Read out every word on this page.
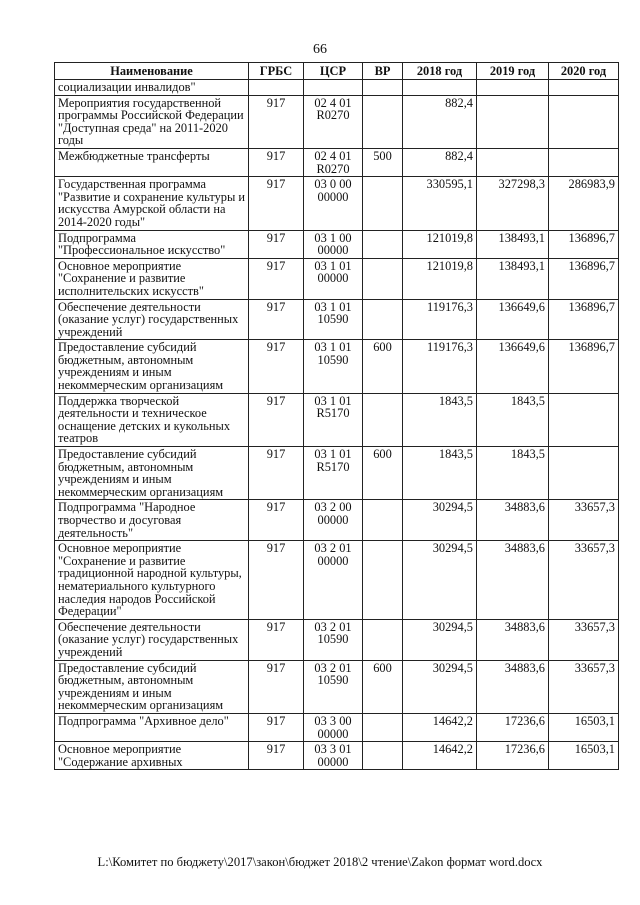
66
Наименование	ГРБС	ЦСР	ВР	2018 год	2019 год	2020 год
социализации инвалидов"						
Мероприятия государственной программы Российской Федерации "Доступная среда" на 2011-2020 годы	917	02 4 01 R0270		882,4		
Межбюджетные трансферты	917	02 4 01 R0270	500	882,4		
Государственная программа "Развитие и сохранение культуры и искусства Амурской области на 2014-2020 годы"	917	03 0 00 00000		330595,1	327298,3	286983,9
Подпрограмма "Профессиональное искусство"	917	03 1 00 00000		121019,8	138493,1	136896,7
Основное мероприятие "Сохранение и развитие исполнительских искусств"	917	03 1 01 00000		121019,8	138493,1	136896,7
Обеспечение деятельности (оказание услуг) государственных учреждений	917	03 1 01 10590		119176,3	136649,6	136896,7
Предоставление субсидий бюджетным, автономным учреждениям и иным некоммерческим организациям	917	03 1 01 10590	600	119176,3	136649,6	136896,7
Поддержка творческой деятельности и техническое оснащение детских и кукольных театров	917	03 1 01 R5170		1843,5	1843,5	
Предоставление субсидий бюджетным, автономным учреждениям и иным некоммерческим организациям	917	03 1 01 R5170	600	1843,5	1843,5	
Подпрограмма "Народное творчество и досуговая деятельность"	917	03 2 00 00000		30294,5	34883,6	33657,3
Основное мероприятие "Сохранение и развитие традиционной народной культуры, нематериального культурного наследия народов Российской Федерации"	917	03 2 01 00000		30294,5	34883,6	33657,3
Обеспечение деятельности (оказание услуг) государственных учреждений	917	03 2 01 10590		30294,5	34883,6	33657,3
Предоставление субсидий бюджетным, автономным учреждениям и иным некоммерческим организациям	917	03 2 01 10590	600	30294,5	34883,6	33657,3
Подпрограмма "Архивное дело"	917	03 3 00 00000		14642,2	17236,6	16503,1
Основное мероприятие "Содержание архивных	917	03 3 01 00000		14642,2	17236,6	16503,1
L:\Комитет по бюджету\2017\закон\бюджет 2018\2 чтение\Zakon формат word.docx
